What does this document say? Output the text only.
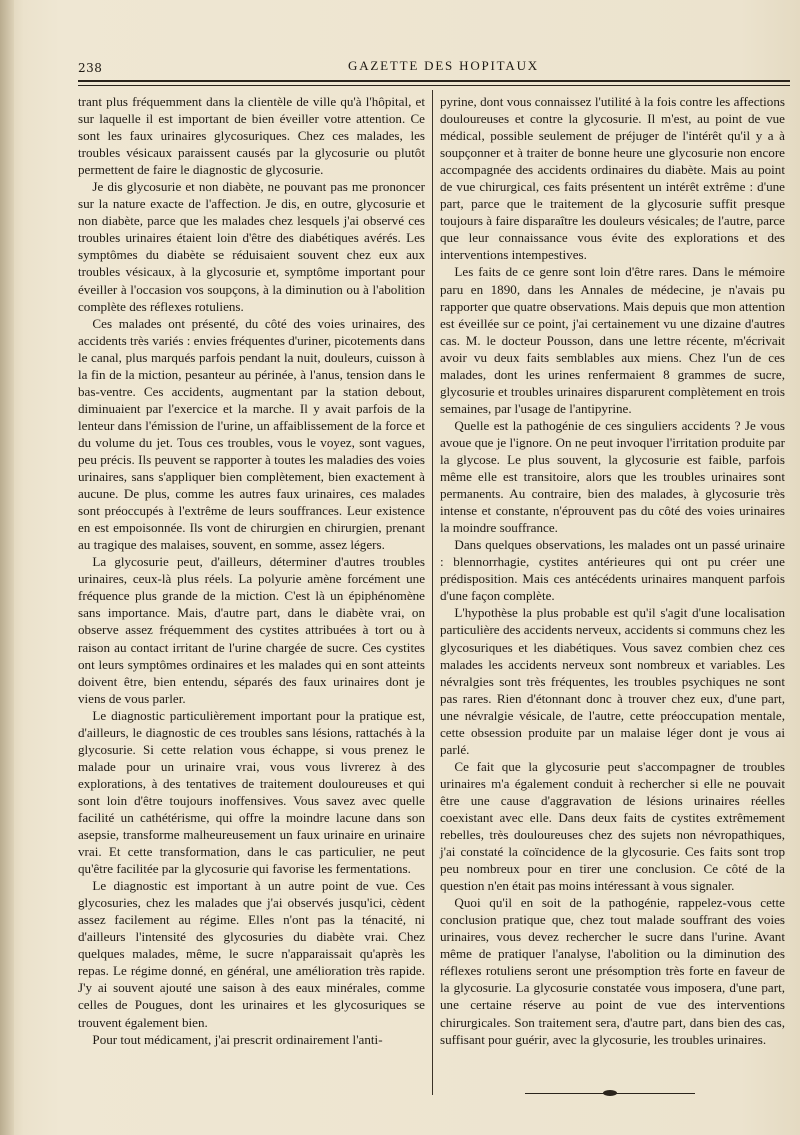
238	GAZETTE DES HOPITAUX

trant plus fréquemment dans la clientèle de ville qu'à l'hôpital, et sur laquelle il est important de bien éveiller votre attention. Ce sont les faux urinaires glycosuriques. Chez ces malades, les troubles vésicaux paraissent causés par la glycosurie ou plutôt permettent de faire le diagnostic de glycosurie.

Je dis glycosurie et non diabète, ne pouvant pas me prononcer sur la nature exacte de l'affection. Je dis, en outre, glycosurie et non diabète, parce que les malades chez lesquels j'ai observé ces troubles urinaires étaient loin d'être des diabétiques avérés. Les symptômes du diabète se réduisaient souvent chez eux aux troubles vésicaux, à la glycosurie et, symptôme important pour éveiller à l'occasion vos soupçons, à la diminution ou à l'abolition complète des réflexes rotuliens.

Ces malades ont présenté, du côté des voies urinaires, des accidents très variés : envies fréquentes d'uriner, picotements dans le canal, plus marqués parfois pendant la nuit, douleurs, cuisson à la fin de la miction, pesanteur au périnée, à l'anus, tension dans le bas-ventre. Ces accidents, augmentant par la station debout, diminuaient par l'exercice et la marche. Il y avait parfois de la lenteur dans l'émission de l'urine, un affaiblissement de la force et du volume du jet. Tous ces troubles, vous le voyez, sont vagues, peu précis. Ils peuvent se rapporter à toutes les maladies des voies urinaires, sans s'appliquer bien complètement, bien exactement à aucune. De plus, comme les autres faux urinaires, ces malades sont préoccupés à l'extrême de leurs souffrances. Leur existence en est empoisonnée. Ils vont de chirurgien en chirurgien, prenant au tragique des malaises, souvent, en somme, assez légers.

La glycosurie peut, d'ailleurs, déterminer d'autres troubles urinaires, ceux-là plus réels. La polyurie amène forcément une fréquence plus grande de la miction. C'est là un épiphénomène sans importance. Mais, d'autre part, dans le diabète vrai, on observe assez fréquemment des cystites attribuées à tort ou à raison au contact irritant de l'urine chargée de sucre. Ces cystites ont leurs symptômes ordinaires et les malades qui en sont atteints doivent être, bien entendu, séparés des faux urinaires dont je viens de vous parler.

Le diagnostic particulièrement important pour la pratique est, d'ailleurs, le diagnostic de ces troubles sans lésions, rattachés à la glycosurie. Si cette relation vous échappe, si vous prenez le malade pour un urinaire vrai, vous vous livrerez à des explorations, à des tentatives de traitement douloureuses et qui sont loin d'être toujours inoffensives. Vous savez avec quelle facilité un cathétérisme, qui offre la moindre lacune dans son asepsie, transforme malheureusement un faux urinaire en urinaire vrai. Et cette transformation, dans le cas particulier, ne peut qu'être facilitée par la glycosurie qui favorise les fermentations.

Le diagnostic est important à un autre point de vue. Ces glycosuries, chez les malades que j'ai observés jusqu'ici, cèdent assez facilement au régime. Elles n'ont pas la ténacité, ni d'ailleurs l'intensité des glycosuries du diabète vrai. Chez quelques malades, même, le sucre n'apparaissait qu'après les repas. Le régime donné, en général, une amélioration très rapide. J'y ai souvent ajouté une saison à des eaux minérales, comme celles de Pougues, dont les urinaires et les glycosuriques se trouvent également bien.

Pour tout médicament, j'ai prescrit ordinairement l'anti-

pyrine, dont vous connaissez l'utilité à la fois contre les affections douloureuses et contre la glycosurie. Il m'est, au point de vue médical, possible seulement de préjuger de l'intérêt qu'il y a à soupçonner et à traiter de bonne heure une glycosurie non encore accompagnée des accidents ordinaires du diabète. Mais au point de vue chirurgical, ces faits présentent un intérêt extrême : d'une part, parce que le traitement de la glycosurie suffit presque toujours à faire disparaître les douleurs vésicales; de l'autre, parce que leur connaissance vous évite des explorations et des interventions intempestives.

Les faits de ce genre sont loin d'être rares. Dans le mémoire paru en 1890, dans les Annales de médecine, je n'avais pu rapporter que quatre observations. Mais depuis que mon attention est éveillée sur ce point, j'ai certainement vu une dizaine d'autres cas. M. le docteur Pousson, dans une lettre récente, m'écrivait avoir vu deux faits semblables aux miens. Chez l'un de ces malades, dont les urines renfermaient 8 grammes de sucre, glycosurie et troubles urinaires disparurent complètement en trois semaines, par l'usage de l'antipyrine.

Quelle est la pathogénie de ces singuliers accidents ? Je vous avoue que je l'ignore. On ne peut invoquer l'irritation produite par la glycose. Le plus souvent, la glycosurie est faible, parfois même elle est transitoire, alors que les troubles urinaires sont permanents. Au contraire, bien des malades, à glycosurie très intense et constante, n'éprouvent pas du côté des voies urinaires la moindre souffrance.

Dans quelques observations, les malades ont un passé urinaire : blennorrhagie, cystites antérieures qui ont pu créer une prédisposition. Mais ces antécédents urinaires manquent parfois d'une façon complète.

L'hypothèse la plus probable est qu'il s'agit d'une localisation particulière des accidents nerveux, accidents si communs chez les glycosuriques et les diabétiques. Vous savez combien chez ces malades les accidents nerveux sont nombreux et variables. Les névralgies sont très fréquentes, les troubles psychiques ne sont pas rares. Rien d'étonnant donc à trouver chez eux, d'une part, une névralgie vésicale, de l'autre, cette préoccupation mentale, cette obsession produite par un malaise léger dont je vous ai parlé.

Ce fait que la glycosurie peut s'accompagner de troubles urinaires m'a également conduit à rechercher si elle ne pouvait être une cause d'aggravation de lésions urinaires réelles coexistant avec elle. Dans deux faits de cystites extrêmement rebelles, très douloureuses chez des sujets non névropathiques, j'ai constaté la coïncidence de la glycosurie. Ces faits sont trop peu nombreux pour en tirer une conclusion. Ce côté de la question n'en était pas moins intéressant à vous signaler.

Quoi qu'il en soit de la pathogénie, rappelez-vous cette conclusion pratique que, chez tout malade souffrant des voies urinaires, vous devez rechercher le sucre dans l'urine. Avant même de pratiquer l'analyse, l'abolition ou la diminution des réflexes rotuliens seront une présomption très forte en faveur de la glycosurie. La glycosurie constatée vous imposera, d'une part, une certaine réserve au point de vue des interventions chirurgicales. Son traitement sera, d'autre part, dans bien des cas, suffisant pour guérir, avec la glycosurie, les troubles urinaires.
